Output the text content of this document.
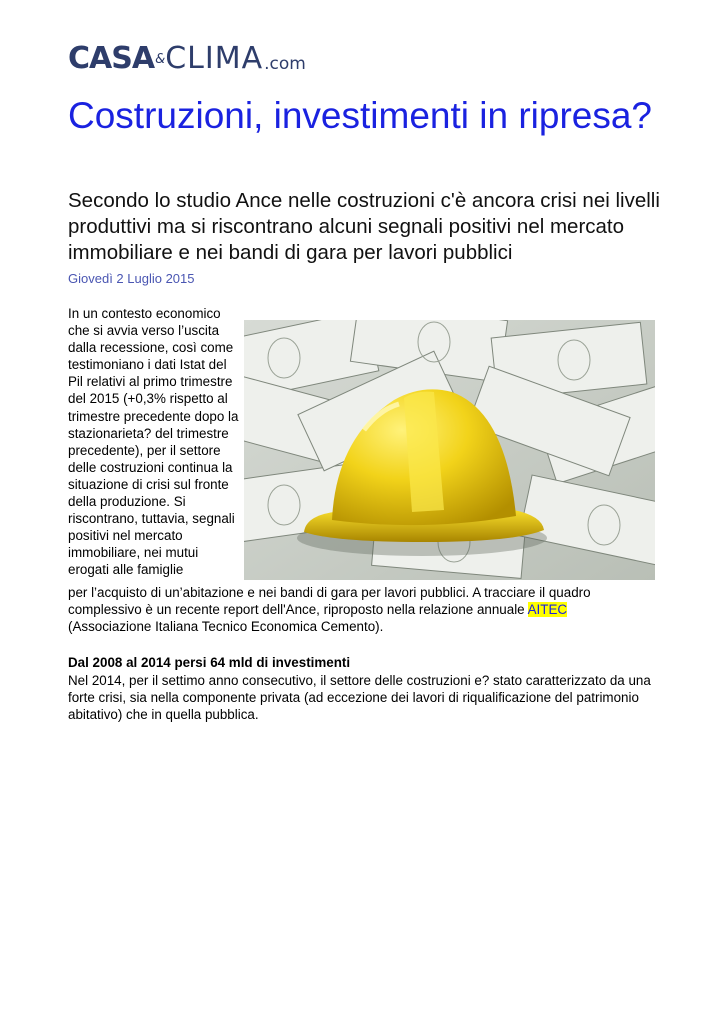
CASA & CLIMA .com
Costruzioni, investimenti in ripresa?
Secondo lo studio Ance nelle costruzioni c'è ancora crisi nei livelli produttivi ma si riscontrano alcuni segnali positivi nel mercato immobiliare e nei bandi di gara per lavori pubblici
Giovedì 2 Luglio 2015
In un contesto economico che si avvia verso l’uscita dalla recessione, così come testimoniano i dati Istat del Pil relativi al primo trimestre del 2015 (+0,3% rispetto al trimestre precedente dopo la stazionarieta? del trimestre precedente), per il settore delle costruzioni continua la situazione di crisi sul fronte della produzione. Si riscontrano, tuttavia, segnali positivi nel mercato immobiliare, nei mutui erogati alle famiglie
per l’acquisto di un’abitazione e nei bandi di gara per lavori pubblici. A tracciare il quadro complessivo è un recente report dell'Ance, riproposto nella relazione annuale AITEC
(Associazione Italiana Tecnico Economica Cemento).
Dal 2008 al 2014 persi 64 mld di investimenti

Nel 2014, per il settimo anno consecutivo, il settore delle costruzioni e? stato caratterizzato da una forte crisi, sia nella componente privata (ad eccezione dei lavori di riqualificazione del patrimonio abitativo) che in quella pubblica.
